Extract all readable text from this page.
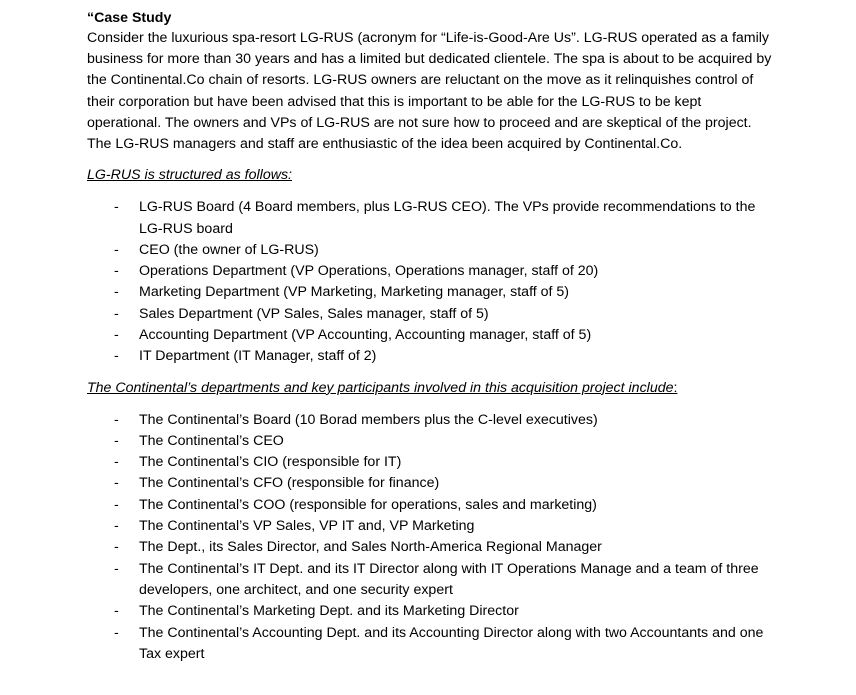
“Case Study

Consider the luxurious spa-resort LG-RUS (acronym for “Life-is-Good-Are Us”. LG-RUS operated as a family business for more than 30 years and has a limited but dedicated clientele. The spa is about to be acquired by the Continental.Co chain of resorts. LG-RUS owners are reluctant on the move as it relinquishes control of their corporation but have been advised that this is important to be able for the LG-RUS to be kept operational. The owners and VPs of LG-RUS are not sure how to proceed and are skeptical of the project. The LG-RUS managers and staff are enthusiastic of the idea been acquired by Continental.Co.

LG-RUS is structured as follows:

- LG-RUS Board (4 Board members, plus LG-RUS CEO). The VPs provide recommendations to the LG-RUS board
- CEO (the owner of LG-RUS)
- Operations Department (VP Operations, Operations manager, staff of 20)
- Marketing Department (VP Marketing, Marketing manager, staff of 5)
- Sales Department (VP Sales, Sales manager, staff of 5)
- Accounting Department (VP Accounting, Accounting manager, staff of 5)
- IT Department (IT Manager, staff of 2)

The Continental’s departments and key participants involved in this acquisition project include:

- The Continental’s Board (10 Borad members plus the C-level executives)
- The Continental’s CEO
- The Continental’s CIO (responsible for IT)
- The Continental’s CFO (responsible for finance)
- The Continental’s COO (responsible for operations, sales and marketing)
- The Continental’s VP Sales, VP IT and, VP Marketing
- The Dept., its Sales Director, and Sales North-America Regional Manager
- The Continental’s IT Dept. and its IT Director along with IT Operations Manage and a team of three developers, one architect, and one security expert
- The Continental’s Marketing Dept. and its Marketing Director
- The Continental’s Accounting Dept. and its Accounting Director along with two Accountants and one Tax expert
